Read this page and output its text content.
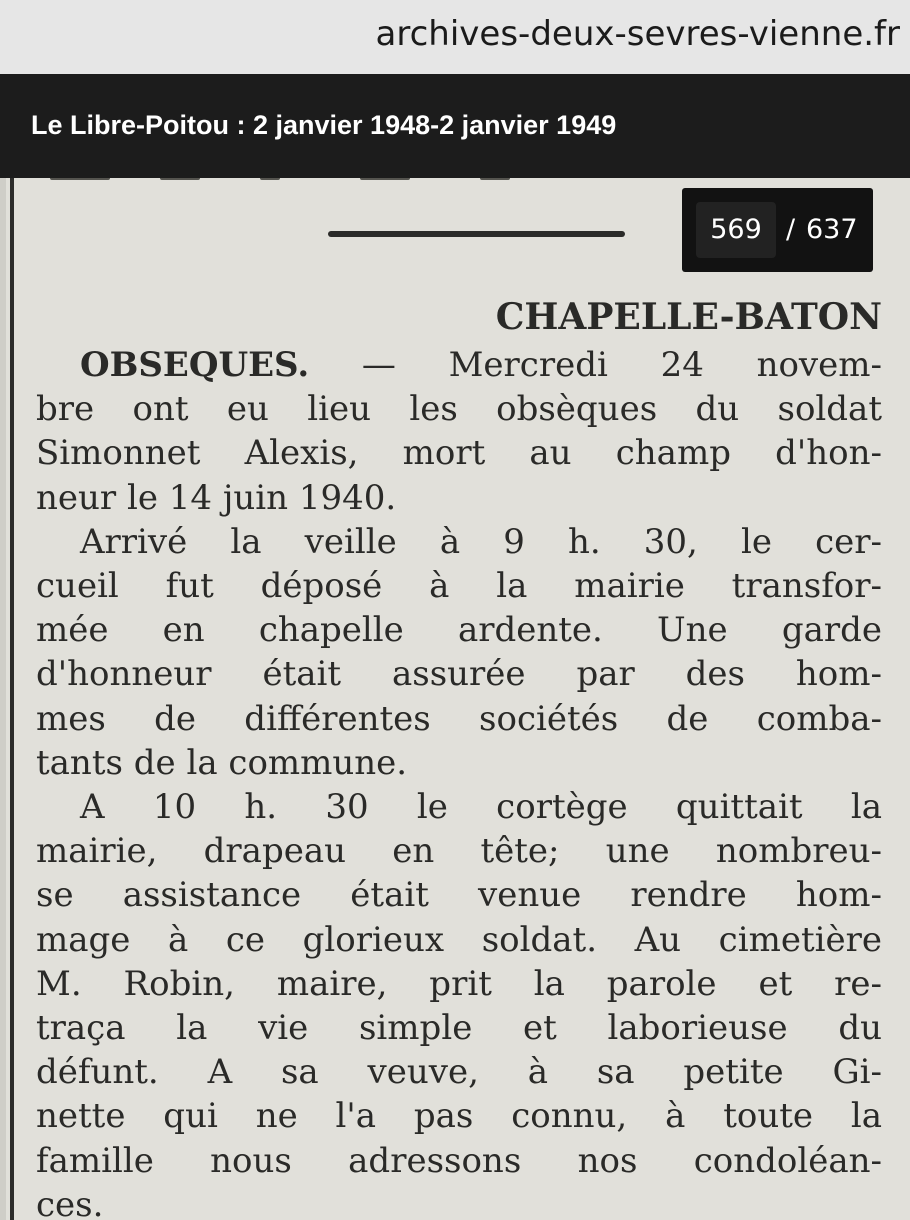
archives-deux-sevres-vienne.fr
Le Libre-Poitou : 2 janvier 1948-2 janvier 1949
CHAPELLE-BATON
OBSEQUES. — Mercredi 24 novem-
bre ont eu lieu les obsèques du soldat
Simonnet Alexis, mort au champ d'hon-
neur le 14 juin 1940.
Arrivé la veille à 9 h. 30, le cer-
cueil fut déposé à la mairie transfor-
mée en chapelle ardente. Une garde
d'honneur était assurée par des hom-
mes de différentes sociétés de comba-
tants de la commune.
A 10 h. 30 le cortège quittait la
mairie, drapeau en tête; une nombreu-
se assistance était venue rendre hom-
mage à ce glorieux soldat. Au cimetière
M. Robin, maire, prit la parole et re-
traça la vie simple et laborieuse du
défunt. A sa veuve, à sa petite Gi-
nette qui ne l'a pas connu, à toute la
famille nous adressons nos condoléan-
ces.
569 / 637
